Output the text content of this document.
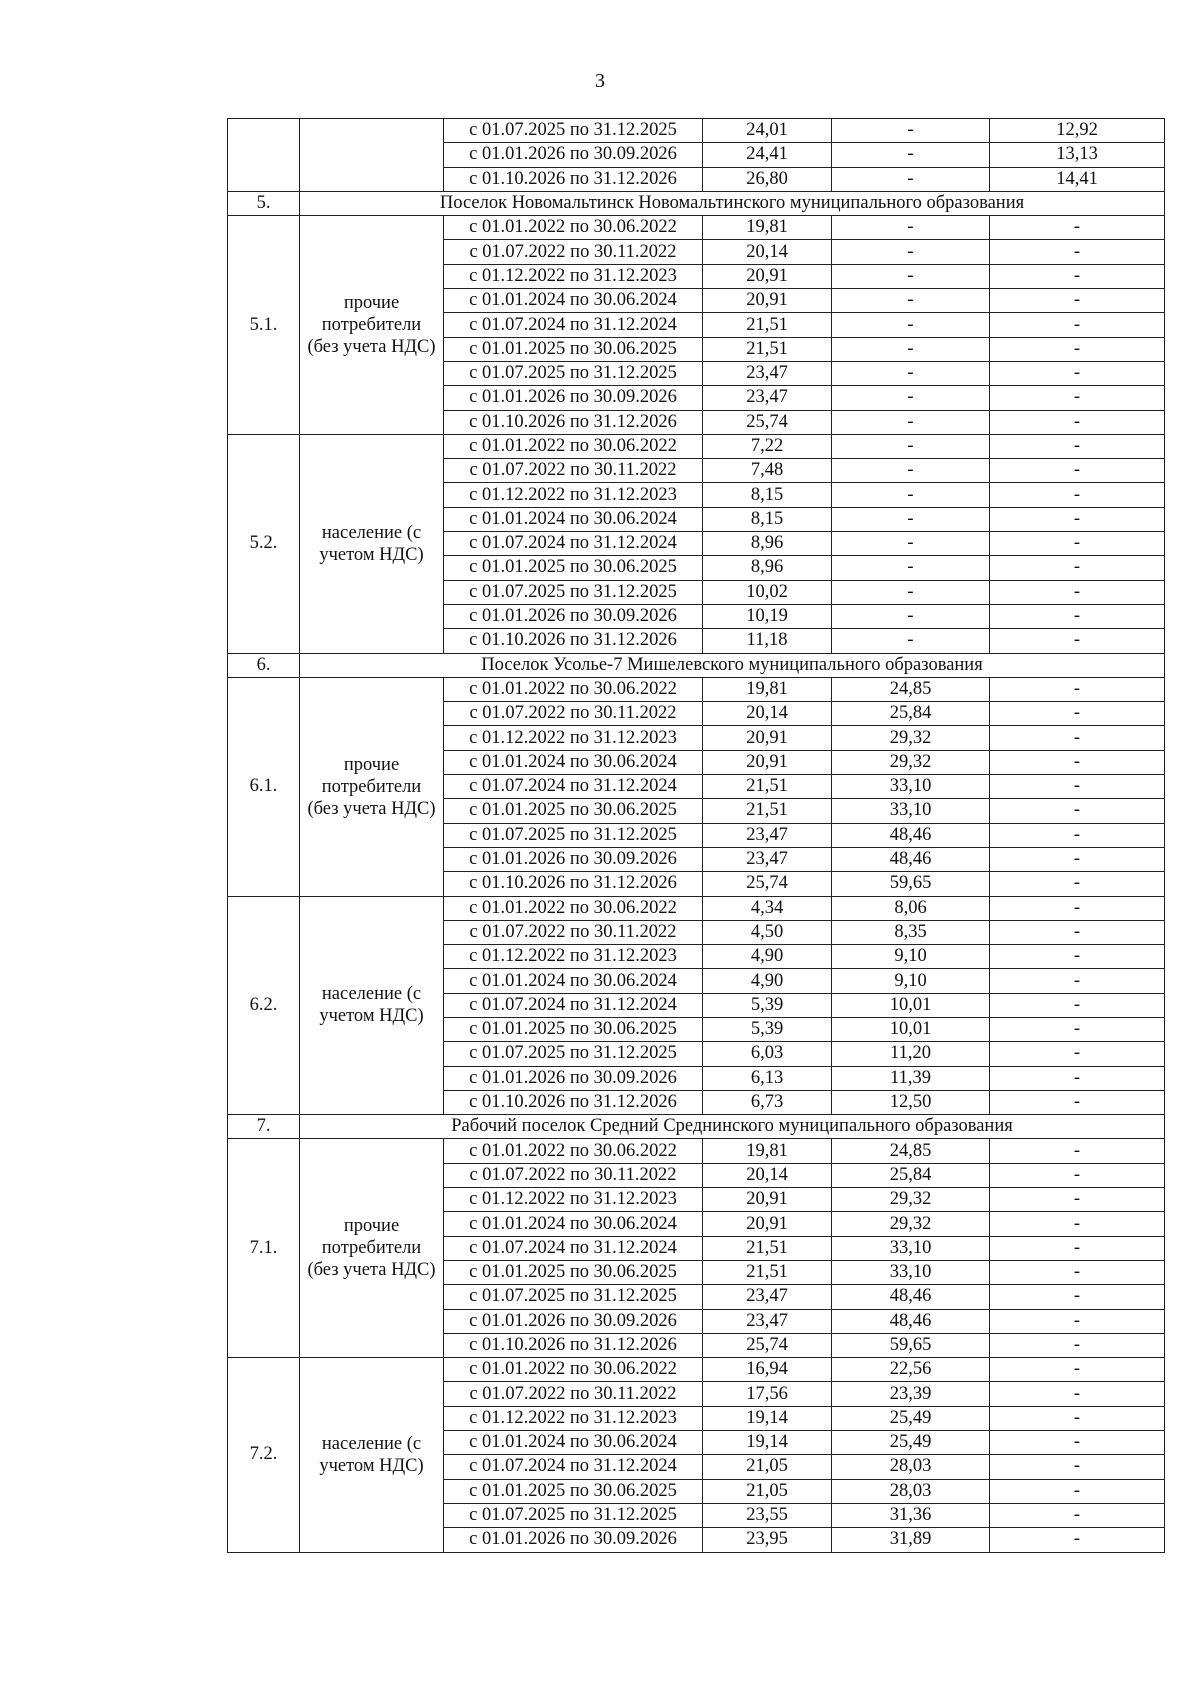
3
		с 01.07.2025 по 31.12.2025	24,01	-	12,92
		с 01.01.2026 по 30.09.2026	24,41	-	13,13
		с 01.10.2026 по 31.12.2026	26,80	-	14,41
5.	Поселок Новомальтинск Новомальтинского муниципального образования				
5.1.	прочие потребители (без учета НДС)	с 01.01.2022 по 30.06.2022	19,81	-	-
		с 01.07.2022 по 30.11.2022	20,14	-	-
		с 01.12.2022 по 31.12.2023	20,91	-	-
		с 01.01.2024 по 30.06.2024	20,91	-	-
		с 01.07.2024 по 31.12.2024	21,51	-	-
		с 01.01.2025 по 30.06.2025	21,51	-	-
		с 01.07.2025 по 31.12.2025	23,47	-	-
		с 01.01.2026 по 30.09.2026	23,47	-	-
		с 01.10.2026 по 31.12.2026	25,74	-	-
5.2.	население (с учетом НДС)	с 01.01.2022 по 30.06.2022	7,22	-	-
		с 01.07.2022 по 30.11.2022	7,48	-	-
		с 01.12.2022 по 31.12.2023	8,15	-	-
		с 01.01.2024 по 30.06.2024	8,15	-	-
		с 01.07.2024 по 31.12.2024	8,96	-	-
		с 01.01.2025 по 30.06.2025	8,96	-	-
		с 01.07.2025 по 31.12.2025	10,02	-	-
		с 01.01.2026 по 30.09.2026	10,19	-	-
		с 01.10.2026 по 31.12.2026	11,18	-	-
6.	Поселок Усолье-7 Мишелевского муниципального образования				
6.1.	прочие потребители (без учета НДС)	с 01.01.2022 по 30.06.2022	19,81	24,85	-
		с 01.07.2022 по 30.11.2022	20,14	25,84	-
		с 01.12.2022 по 31.12.2023	20,91	29,32	-
		с 01.01.2024 по 30.06.2024	20,91	29,32	-
		с 01.07.2024 по 31.12.2024	21,51	33,10	-
		с 01.01.2025 по 30.06.2025	21,51	33,10	-
		с 01.07.2025 по 31.12.2025	23,47	48,46	-
		с 01.01.2026 по 30.09.2026	23,47	48,46	-
		с 01.10.2026 по 31.12.2026	25,74	59,65	-
6.2.	население (с учетом НДС)	с 01.01.2022 по 30.06.2022	4,34	8,06	-
		с 01.07.2022 по 30.11.2022	4,50	8,35	-
		с 01.12.2022 по 31.12.2023	4,90	9,10	-
		с 01.01.2024 по 30.06.2024	4,90	9,10	-
		с 01.07.2024 по 31.12.2024	5,39	10,01	-
		с 01.01.2025 по 30.06.2025	5,39	10,01	-
		с 01.07.2025 по 31.12.2025	6,03	11,20	-
		с 01.01.2026 по 30.09.2026	6,13	11,39	-
		с 01.10.2026 по 31.12.2026	6,73	12,50	-
7.	Рабочий поселок Средний Среднинского муниципального образования				
7.1.	прочие потребители (без учета НДС)	с 01.01.2022 по 30.06.2022	19,81	24,85	-
		с 01.07.2022 по 30.11.2022	20,14	25,84	-
		с 01.12.2022 по 31.12.2023	20,91	29,32	-
		с 01.01.2024 по 30.06.2024	20,91	29,32	-
		с 01.07.2024 по 31.12.2024	21,51	33,10	-
		с 01.01.2025 по 30.06.2025	21,51	33,10	-
		с 01.07.2025 по 31.12.2025	23,47	48,46	-
		с 01.01.2026 по 30.09.2026	23,47	48,46	-
		с 01.10.2026 по 31.12.2026	25,74	59,65	-
7.2.	население (с учетом НДС)	с 01.01.2022 по 30.06.2022	16,94	22,56	-
		с 01.07.2022 по 30.11.2022	17,56	23,39	-
		с 01.12.2022 по 31.12.2023	19,14	25,49	-
		с 01.01.2024 по 30.06.2024	19,14	25,49	-
		с 01.07.2024 по 31.12.2024	21,05	28,03	-
		с 01.01.2025 по 30.06.2025	21,05	28,03	-
		с 01.07.2025 по 31.12.2025	23,55	31,36	-
		с 01.01.2026 по 30.09.2026	23,95	31,89	-
